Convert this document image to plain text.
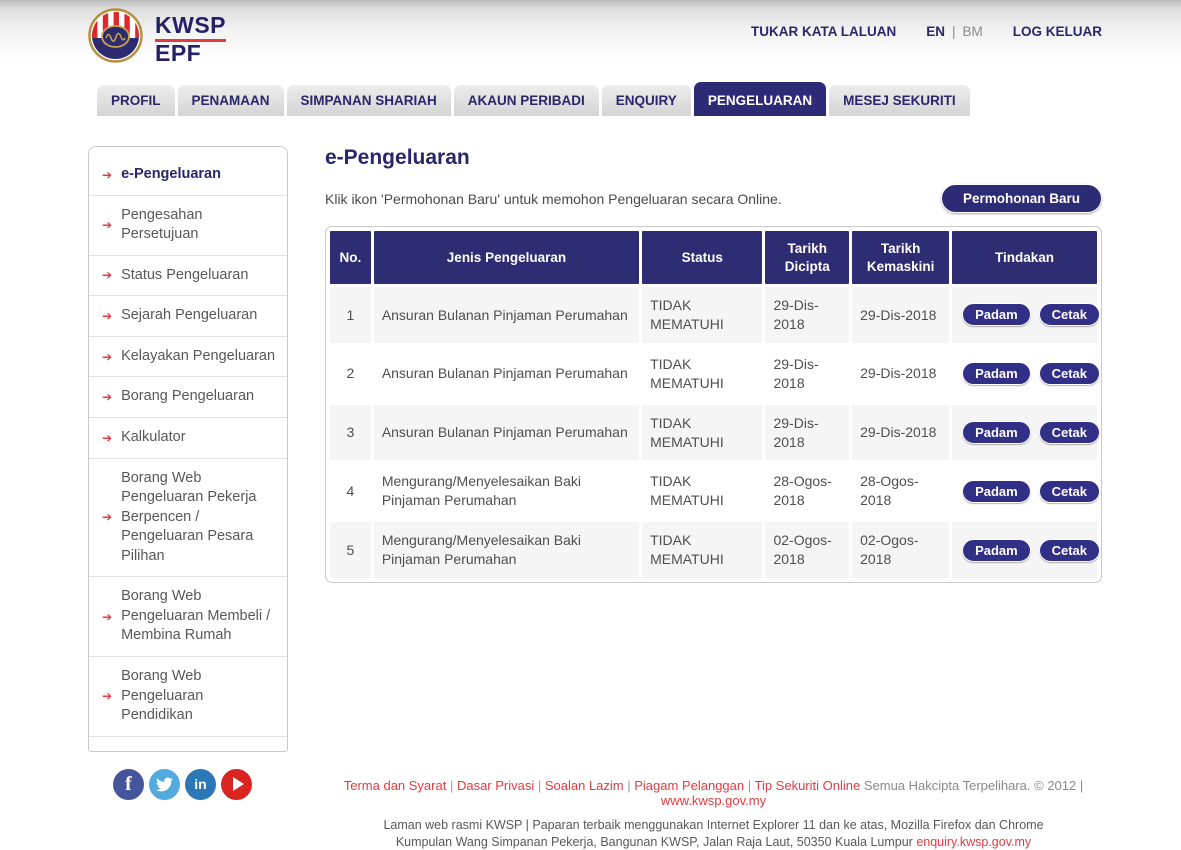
KWSP
EPF
TUKAR KATA LALUAN EN | BM LOG KELUAR
PROFIL	PENAMAAN	SIMPANAN SHARIAH	AKAUN PERIBADI	ENQUIRY	PENGELUARAN	MESEJ SEKURITI
➔ e-Pengeluaran
➔
Pengesahan Persetujuan
➔ Status Pengeluaran
➔ Sejarah Pengeluaran
➔ Kelayakan Pengeluaran
➔ Borang Pengeluaran
➔ Kalkulator
➔
Borang Web Pengeluaran Pekerja Berpencen / Pengeluaran Pesara Pilihan
➔
Borang Web Pengeluaran Membeli / Membina Rumah
➔
Borang Web Pengeluaran Pendidikan
e-Pengeluaran
Klik ikon 'Permohonan Baru' untuk memohon Pengeluaran secara Online.	Permohonan Baru
No.	Jenis Pengeluaran	Status	Tarikh Dicipta	Tarikh Kemaskini	Tindakan
1	Ansuran Bulanan Pinjaman Perumahan	TIDAK MEMATUHI	29-Dis-2018	29-Dis-2018	Padam Cetak
2	Ansuran Bulanan Pinjaman Perumahan	TIDAK MEMATUHI	29-Dis-2018	29-Dis-2018	Padam Cetak
3	Ansuran Bulanan Pinjaman Perumahan	TIDAK MEMATUHI	29-Dis-2018	29-Dis-2018	Padam Cetak
4	Mengurang/Menyelesaikan Baki Pinjaman Perumahan	TIDAK MEMATUHI	28-Ogos-2018	28-Ogos-2018	Padam Cetak
5	Mengurang/Menyelesaikan Baki Pinjaman Perumahan	TIDAK MEMATUHI	02-Ogos-2018	02-Ogos-2018	Padam Cetak
f	in	Terma dan Syarat | Dasar Privasi | Soalan Lazim | Piagam Pelanggan | Tip Sekuriti Online Semua Hakcipta Terpelihara. © 2012 | www.kwsp.gov.my
Laman web rasmi KWSP | Paparan terbaik menggunakan Internet Explorer 11 dan ke atas, Mozilla Firefox dan Chrome
Kumpulan Wang Simpanan Pekerja, Bangunan KWSP, Jalan Raja Laut, 50350 Kuala Lumpur enquiry.kwsp.gov.my
